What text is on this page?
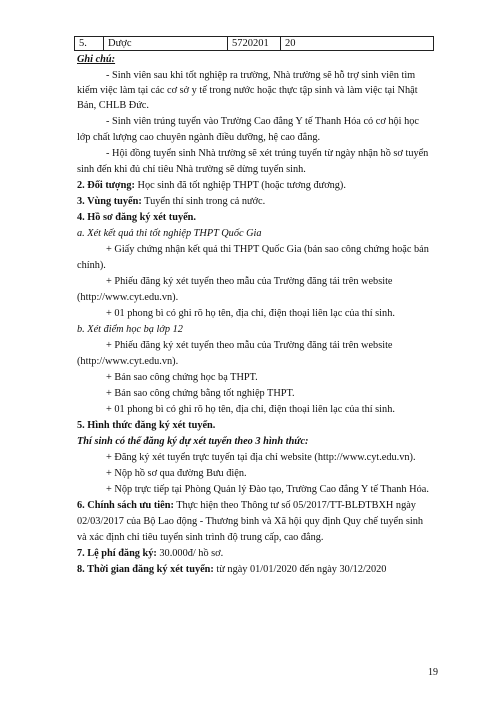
5.	Dược	5720201	20
Ghi chú:
- Sinh viên sau khi tốt nghiệp ra trường, Nhà trường sẽ hỗ trợ sinh viên tìm
kiếm việc làm tại các cơ sở y tế trong nước hoặc thực tập sinh và làm việc tại Nhật
Bản, CHLB Đức.
- Sinh viên trúng tuyển vào Trường Cao đẳng Y tế Thanh Hóa có cơ hội học
lớp chất lượng cao chuyên ngành điều dưỡng, hệ cao đẳng.
- Hội đồng tuyển sinh Nhà trường sẽ xét trúng tuyển từ ngày nhận hồ sơ tuyển
sinh đến khi đủ chỉ tiêu Nhà trường sẽ dừng tuyển sinh.
2. Đối tượng: Học sinh đã tốt nghiệp THPT (hoặc tương đương).
3. Vùng tuyển: Tuyển thí sinh trong cả nước.
4. Hồ sơ đăng ký xét tuyển.
a. Xét kết quả thi tốt nghiệp THPT Quốc Gia
+ Giấy chứng nhận kết quả thi THPT Quốc Gia (bản sao công chứng hoặc bản
chính).
+ Phiếu đăng ký xét tuyển theo mẫu của Trường đăng tải trên website
(http://www.cyt.edu.vn).
+ 01 phong bì có ghi rõ họ tên, địa chỉ, điện thoại liên lạc của thí sinh.
b. Xét điểm học bạ lớp 12
+ Phiếu đăng ký xét tuyển theo mẫu của Trường đăng tải trên website
(http://www.cyt.edu.vn).
+ Bản sao công chứng học bạ THPT.
+ Bản sao công chứng bằng tốt nghiệp THPT.
+ 01 phong bì có ghi rõ họ tên, địa chỉ, điện thoại liên lạc của thí sinh.
5. Hình thức đăng ký xét tuyển.
Thí sinh có thể đăng ký dự xét tuyển theo 3 hình thức:
+ Đăng ký xét tuyển trực tuyến tại địa chỉ website (http://www.cyt.edu.vn).
+ Nộp hồ sơ qua đường Bưu điện.
+ Nộp trực tiếp tại Phòng Quản lý Đào tạo, Trường Cao đẳng Y tế Thanh Hóa.
6. Chính sách ưu tiên: Thực hiện theo Thông tư số 05/2017/TT-BLĐTBXH ngày
02/03/2017 của Bộ Lao động - Thương binh và Xã hội quy định Quy chế tuyển sinh
và xác định chỉ tiêu tuyển sinh trình độ trung cấp, cao đẳng.
7. Lệ phí đăng ký: 30.000đ/ hồ sơ.
8. Thời gian đăng ký xét tuyển: từ ngày 01/01/2020 đến ngày 30/12/2020
19
